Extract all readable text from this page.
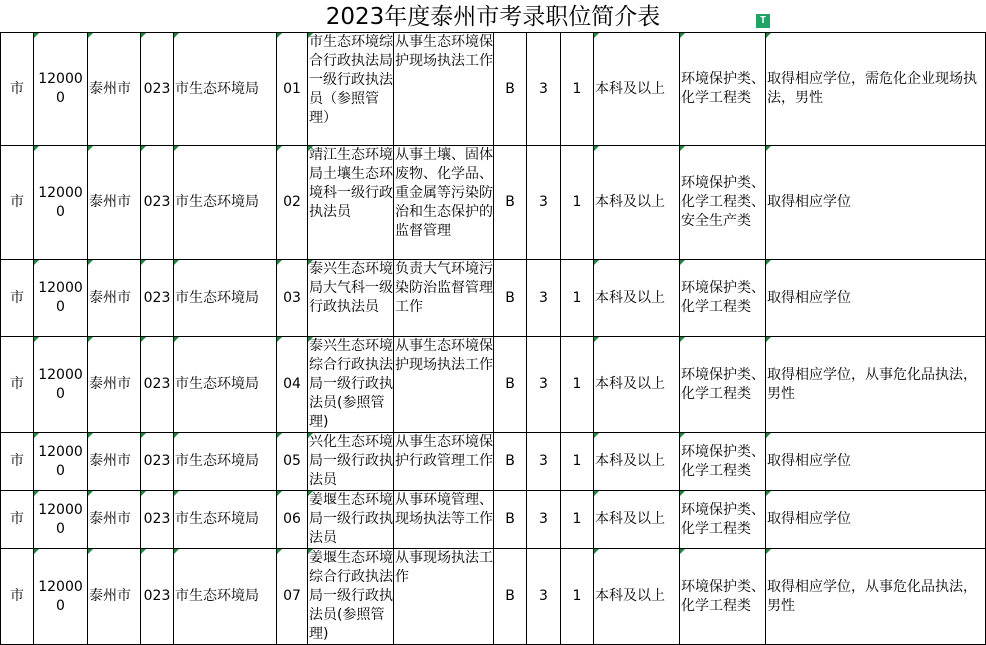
2023年度泰州市考录职位简介表	T
市	120000	泰州市	023	市生态环境局	01	市生态环境综合行政执法局一级行政执法员（参照管理）	从事生态环境保护现场执法工作	B	3	1	本科及以上	环境保护类、化学工程类	取得相应学位，需危化企业现场执法，男性

市	120000	泰州市	023	市生态环境局	02	靖江生态环境局土壤生态环境科一级行政执法员	从事土壤、固体废物、化学品、重金属等污染防治和生态保护的监督管理	B	3	1	本科及以上	环境保护类、化学工程类、安全生产类	取得相应学位

市	120000	泰州市	023	市生态环境局	03	泰兴生态环境局大气科一级行政执法员	负责大气环境污染防治监督管理工作	B	3	1	本科及以上	环境保护类、化学工程类	取得相应学位

市	120000	泰州市	023	市生态环境局	04	泰兴生态环境综合行政执法局一级行政执法员(参照管理)	从事生态环境保护现场执法工作	B	3	1	本科及以上	环境保护类、化学工程类	取得相应学位，从事危化品执法，男性

市	120000	泰州市	023	市生态环境局	05	兴化生态环境局一级行政执法员	从事生态环境保护行政管理工作	B	3	1	本科及以上	环境保护类、化学工程类	取得相应学位

市	120000	泰州市	023	市生态环境局	06	姜堰生态环境局一级行政执法员	从事环境管理、现场执法等工作	B	3	1	本科及以上	环境保护类、化学工程类	取得相应学位

市	120000	泰州市	023	市生态环境局	07	姜堰生态环境综合行政执法局一级行政执法员(参照管理)	从事现场执法工作	B	3	1	本科及以上	环境保护类、化学工程类	取得相应学位，从事危化品执法，男性
